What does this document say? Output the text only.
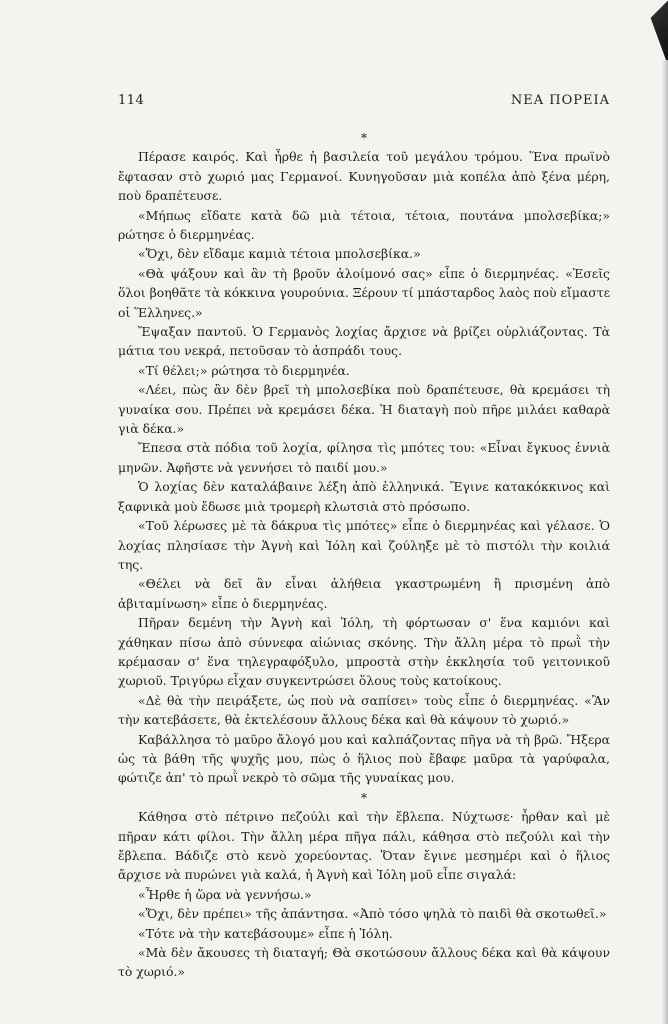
114	ΝΕΑ ΠΟΡΕΙΑ

*

Πέρασε καιρός. Καὶ ἦρθε ἡ βασιλεία τοῦ μεγάλου τρόμου. Ἕνα πρωϊνὸ ἔφτασαν στὸ χωριό μας Γερμανοί. Κυνηγοῦσαν μιὰ κοπέλα ἀπὸ ξένα μέρη, ποὺ δραπέτευσε.

«Μήπως εἴδατε κατὰ δῶ μιὰ τέτοια, τέτοια, πουτάνα μπολσεβίκα;» ρώτησε ὁ διερμηνέας.

«Ὄχι, δὲν εἴδαμε καμιὰ τέτοια μπολσεβίκα.»

«Θὰ ψάξουν καὶ ἂν τὴ βροῦν ἀλοίμονό σας» εἶπε ὁ διερμηνέας. «Ἐσεῖς ὅλοι βοηθᾶτε τὰ κόκκινα γουρούνια. Ξέρουν τί μπάσταρδος λαὸς ποὺ εἴμαστε οἱ Ἕλληνες.»

Ἔψαξαν παντοῦ. Ὁ Γερμανὸς λοχίας ἄρχισε νὰ βρίζει οὐρλιάζοντας. Τὰ μάτια του νεκρά, πετοῦσαν τὸ ἀσπράδι τους.

«Τί θέλει;» ρώτησα τὸ διερμηνέα.

«Λέει, πὼς ἂν δὲν βρεῖ τὴ μπολσεβίκα ποὺ δραπέτευσε, θὰ κρεμάσει τὴ γυναίκα σου. Πρέπει νὰ κρεμάσει δέκα. Ἡ διαταγὴ ποὺ πῆρε μιλάει καθαρὰ γιὰ δέκα.»

Ἔπεσα στὰ πόδια τοῦ λοχία, φίλησα τὶς μπότες του: «Εἶναι ἔγκυος ἐννιὰ μηνῶν. Ἀφῆστε νὰ γεννήσει τὸ παιδί μου.»

Ὁ λοχίας δὲν καταλάβαινε λέξη ἀπὸ ἑλληνικά. Ἔγινε κατακόκκινος καὶ ξαφνικὰ μοὺ ἔδωσε μιὰ τρομερὴ κλωτσιὰ στὸ πρόσωπο.

«Τοῦ λέρωσες μὲ τὰ δάκρυα τὶς μπότες» εἶπε ὁ διερμηνέας καὶ γέλασε. Ὁ λοχίας πλησίασε τὴν Ἁγνὴ καὶ Ἰόλη καὶ ζούληξε μὲ τὸ πιστόλι τὴν κοιλιά της.

«Θέλει νὰ δεῖ ἂν εἶναι ἀλήθεια γκαστρωμένη ἢ πρισμένη ἀπὸ ἀβιταμίνωση» εἶπε ὁ διερμηνέας.

Πῆραν δεμένη τὴν Ἁγνὴ καὶ Ἰόλη, τὴ φόρτωσαν σ' ἕνα καμιόνι καὶ χάθηκαν πίσω ἀπὸ σύννεφα αἰώνιας σκόνης. Τὴν ἄλλη μέρα τὸ πρωῒ τὴν κρέμασαν σ' ἕνα τηλεγραφόξυλο, μπροστὰ στὴν ἐκκλησία τοῦ γειτονικοῦ χωριοῦ. Τριγύρω εἶχαν συγκεντρώσει ὅλους τοὺς κατοίκους.

«Δὲ θὰ τὴν πειράξετε, ὡς ποὺ νὰ σαπίσει» τοὺς εἶπε ὁ διερμηνέας. «Ἂν τὴν κατεβάσετε, θὰ ἐκτελέσουν ἄλλους δέκα καὶ θὰ κάψουν τὸ χωριό.»

Καβάλλησα τὸ μαῦρο ἄλογό μου καὶ καλπάζοντας πῆγα νὰ τὴ βρῶ. Ἤξερα ὡς τὰ βάθη τῆς ψυχῆς μου, πὼς ὁ ἥλιος ποὺ ἔβαφε μαῦρα τὰ γαρύφαλα, φώτιζε ἀπ' τὸ πρωῒ νεκρὸ τὸ σῶμα τῆς γυναίκας μου.

*

Κάθησα στὸ πέτρινο πεζούλι καὶ τὴν ἔβλεπα. Νύχτωσε· ἦρθαν καὶ μὲ πῆραν κάτι φίλοι. Τὴν ἄλλη μέρα πῆγα πάλι, κάθησα στὸ πεζούλι καὶ τὴν ἔβλεπα. Βάδιζε στὸ κενὸ χορεύοντας. Ὅταν ἔγινε μεσημέρι καὶ ὁ ἥλιος ἄρχισε νὰ πυρώνει γιὰ καλά, ἡ Ἁγνὴ καὶ Ἰόλη μοῦ εἶπε σιγαλά:

«Ἦρθε ἡ ὥρα νὰ γεννήσω.»

«Ὄχι, δὲν πρέπει» τῆς ἀπάντησα. «Ἀπὸ τόσο ψηλὰ τὸ παιδὶ θὰ σκοτωθεῖ.»

«Τότε νὰ τὴν κατεβάσουμε» εἶπε ἡ Ἰόλη.

«Μὰ δὲν ἄκουσες τὴ διαταγή; Θὰ σκοτώσουν ἄλλους δέκα καὶ θὰ κάψουν τὸ χωριό.»
